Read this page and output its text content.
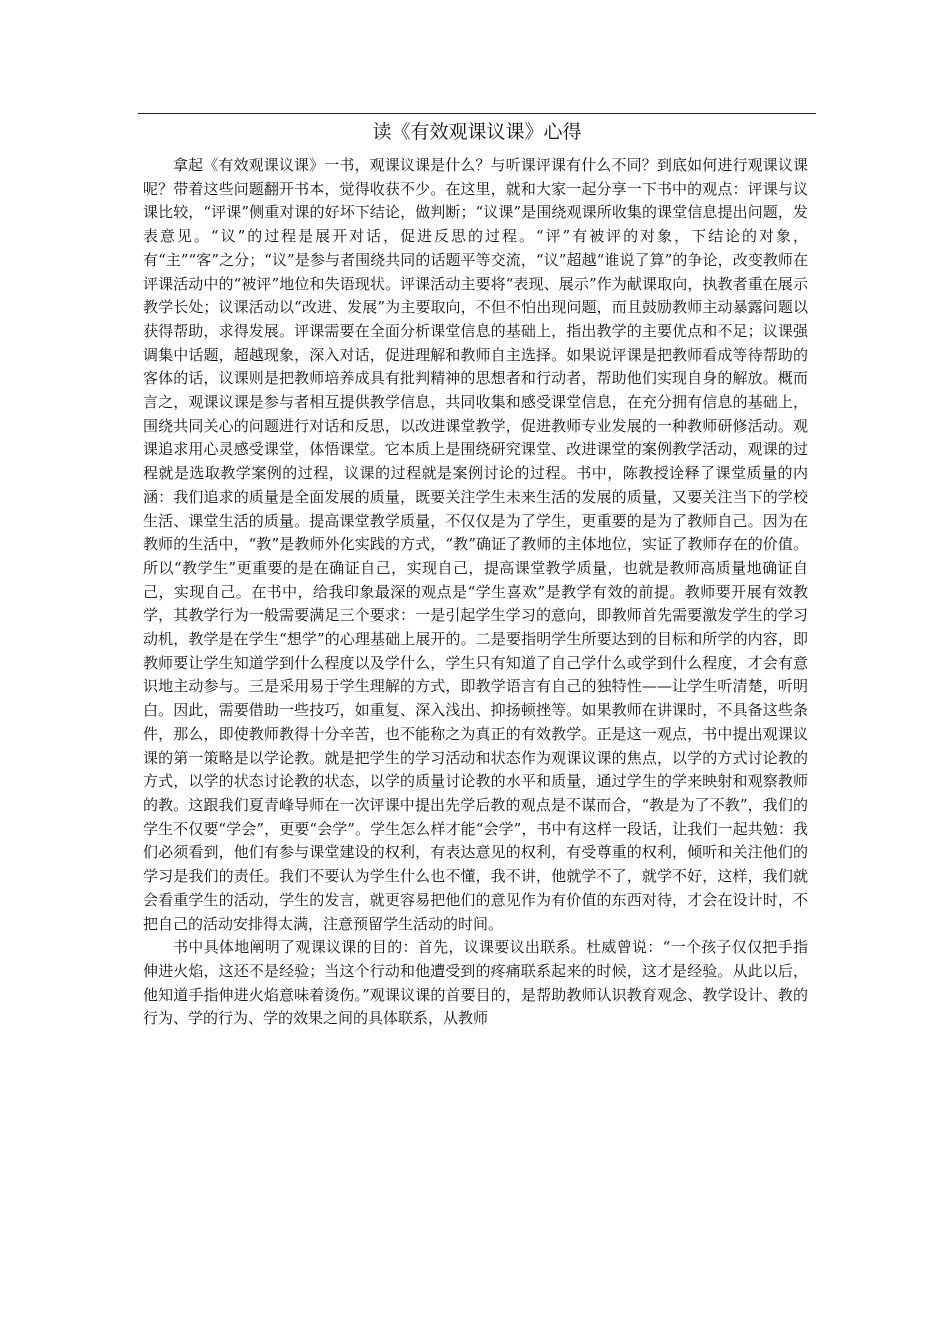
读《有效观课议课》心得

拿起《有效观课议课》一书，观课议课是什么？与听课评课有什么不同？到底如何进行观课议课呢？带着这些问题翻开书本，觉得收获不少。在这里，就和大家一起分享一下书中的观点：评课与议课比较，“评课”侧重对课的好坏下结论，做判断；“议课”是围绕观课所收集的课堂信息提出问题，发表意见。“议”的过程是展开对话，促进反思的过程。“评”有被评的对象，下结论的对象，有“主”“客”之分；“议”是参与者围绕共同的话题平等交流，“议”超越“谁说了算”的争论，改变教师在评课活动中的“被评”地位和失语现状。评课活动主要将“表现、展示”作为献课取向，执教者重在展示教学长处；议课活动以“改进、发展”为主要取向，不但不怕出现问题，而且鼓励教师主动暴露问题以获得帮助，求得发展。评课需要在全面分析课堂信息的基础上，指出教学的主要优点和不足；议课强调集中话题，超越现象，深入对话，促进理解和教师自主选择。如果说评课是把教师看成等待帮助的客体的话，议课则是把教师培养成具有批判精神的思想者和行动者，帮助他们实现自身的解放。概而言之，观课议课是参与者相互提供教学信息，共同收集和感受课堂信息，在充分拥有信息的基础上，围绕共同关心的问题进行对话和反思，以改进课堂教学，促进教师专业发展的一种教师研修活动。观课追求用心灵感受课堂，体悟课堂。它本质上是围绕研究课堂、改进课堂的案例教学活动，观课的过程就是选取教学案例的过程，议课的过程就是案例讨论的过程。书中，陈教授诠释了课堂质量的内涵：我们追求的质量是全面发展的质量，既要关注学生未来生活的发展的质量，又要关注当下的学校生活、课堂生活的质量。提高课堂教学质量，不仅仅是为了学生，更重要的是为了教师自己。因为在教师的生活中，“教”是教师外化实践的方式，“教”确证了教师的主体地位，实证了教师存在的价值。所以“教学生”更重要的是在确证自己，实现自己，提高课堂教学质量，也就是教师高质量地确证自己，实现自己。在书中，给我印象最深的观点是“学生喜欢”是教学有效的前提。教师要开展有效教学，其教学行为一般需要满足三个要求：一是引起学生学习的意向，即教师首先需要激发学生的学习动机，教学是在学生“想学”的心理基础上展开的。二是要指明学生所要达到的目标和所学的内容，即教师要让学生知道学到什么程度以及学什么，学生只有知道了自己学什么或学到什么程度，才会有意识地主动参与。三是采用易于学生理解的方式，即教学语言有自己的独特性——让学生听清楚，听明白。因此，需要借助一些技巧，如重复、深入浅出、抑扬顿挫等。如果教师在讲课时，不具备这些条件，那么，即使教师教得十分辛苦，也不能称之为真正的有效教学。正是这一观点，书中提出观课议课的第一策略是以学论教。就是把学生的学习活动和状态作为观课议课的焦点，以学的方式讨论教的方式，以学的状态讨论教的状态，以学的质量讨论教的水平和质量，通过学生的学来映射和观察教师的教。这跟我们夏青峰导师在一次评课中提出先学后教的观点是不谋而合，“教是为了不教”，我们的学生不仅要“学会”，更要“会学”。学生怎么样才能“会学”，书中有这样一段话，让我们一起共勉：我们必须看到，他们有参与课堂建设的权利，有表达意见的权利，有受尊重的权利，倾听和关注他们的学习是我们的责任。我们不要认为学生什么也不懂，我不讲，他就学不了，就学不好，这样，我们就会看重学生的活动，学生的发言，就更容易把他们的意见作为有价值的东西对待，才会在设计时，不把自己的活动安排得太满，注意预留学生活动的时间。

书中具体地阐明了观课议课的目的：首先，议课要议出联系。杜威曾说：“一个孩子仅仅把手指伸进火焰，这还不是经验；当这个行动和他遭受到的疼痛联系起来的时候，这才是经验。从此以后，他知道手指伸进火焰意味着烫伤。”观课议课的首要目的，是帮助教师认识教育观念、教学设计、教的行为、学的行为、学的效果之间的具体联系，从教师
